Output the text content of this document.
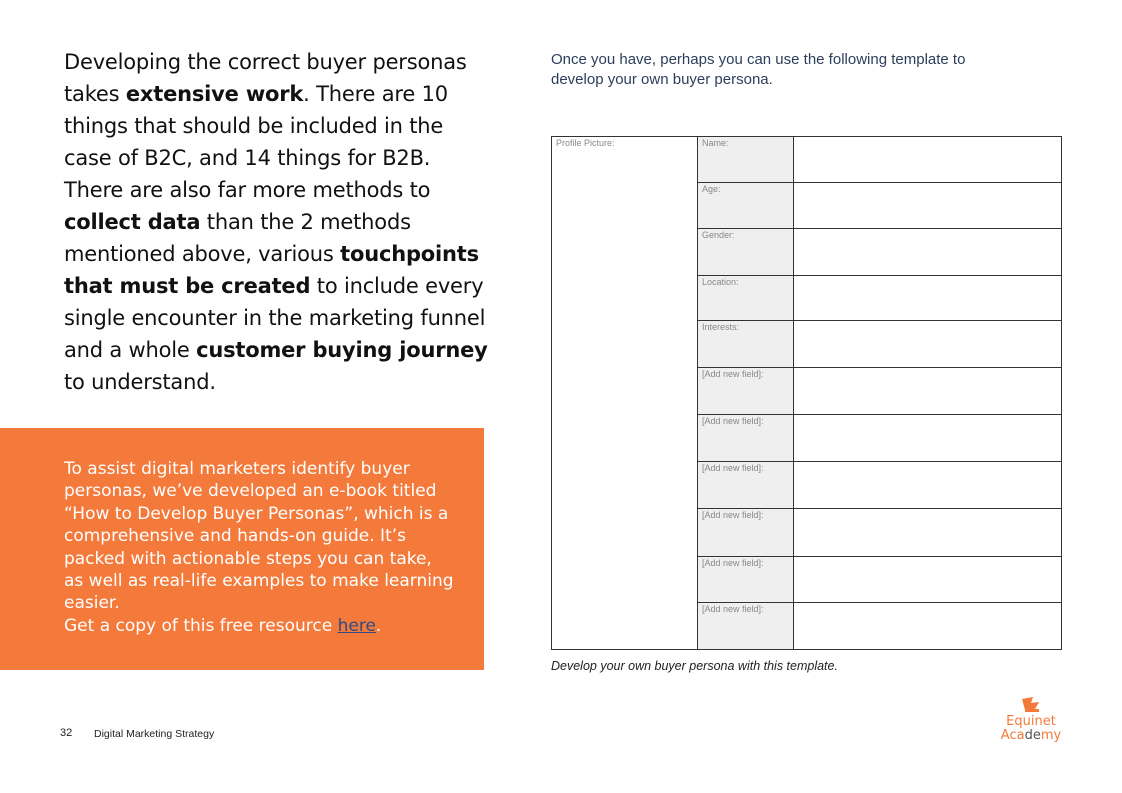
Developing the correct buyer personas takes extensive work. There are 10 things that should be included in the case of B2C, and 14 things for B2B. There are also far more methods to collect data than the 2 methods mentioned above, various touchpoints that must be created to include every single encounter in the marketing funnel and a whole customer buying journey to understand.
To assist digital marketers identify buyer personas, we’ve developed an e-book titled “How to Develop Buyer Personas”, which is a comprehensive and hands-on guide. It’s packed with actionable steps you can take, as well as real-life examples to make learning easier.
Get a copy of this free resource here.
Once you have, perhaps you can use the following template to develop your own buyer persona.
Profile Picture:	Name:
Age:
Gender:
Location:
Interests:
[Add new field]:
[Add new field]:
[Add new field]:
[Add new field]:
[Add new field]:
[Add new field]:
Develop your own buyer persona with this template.
32 Digital Marketing Strategy
Equinet
Academy
